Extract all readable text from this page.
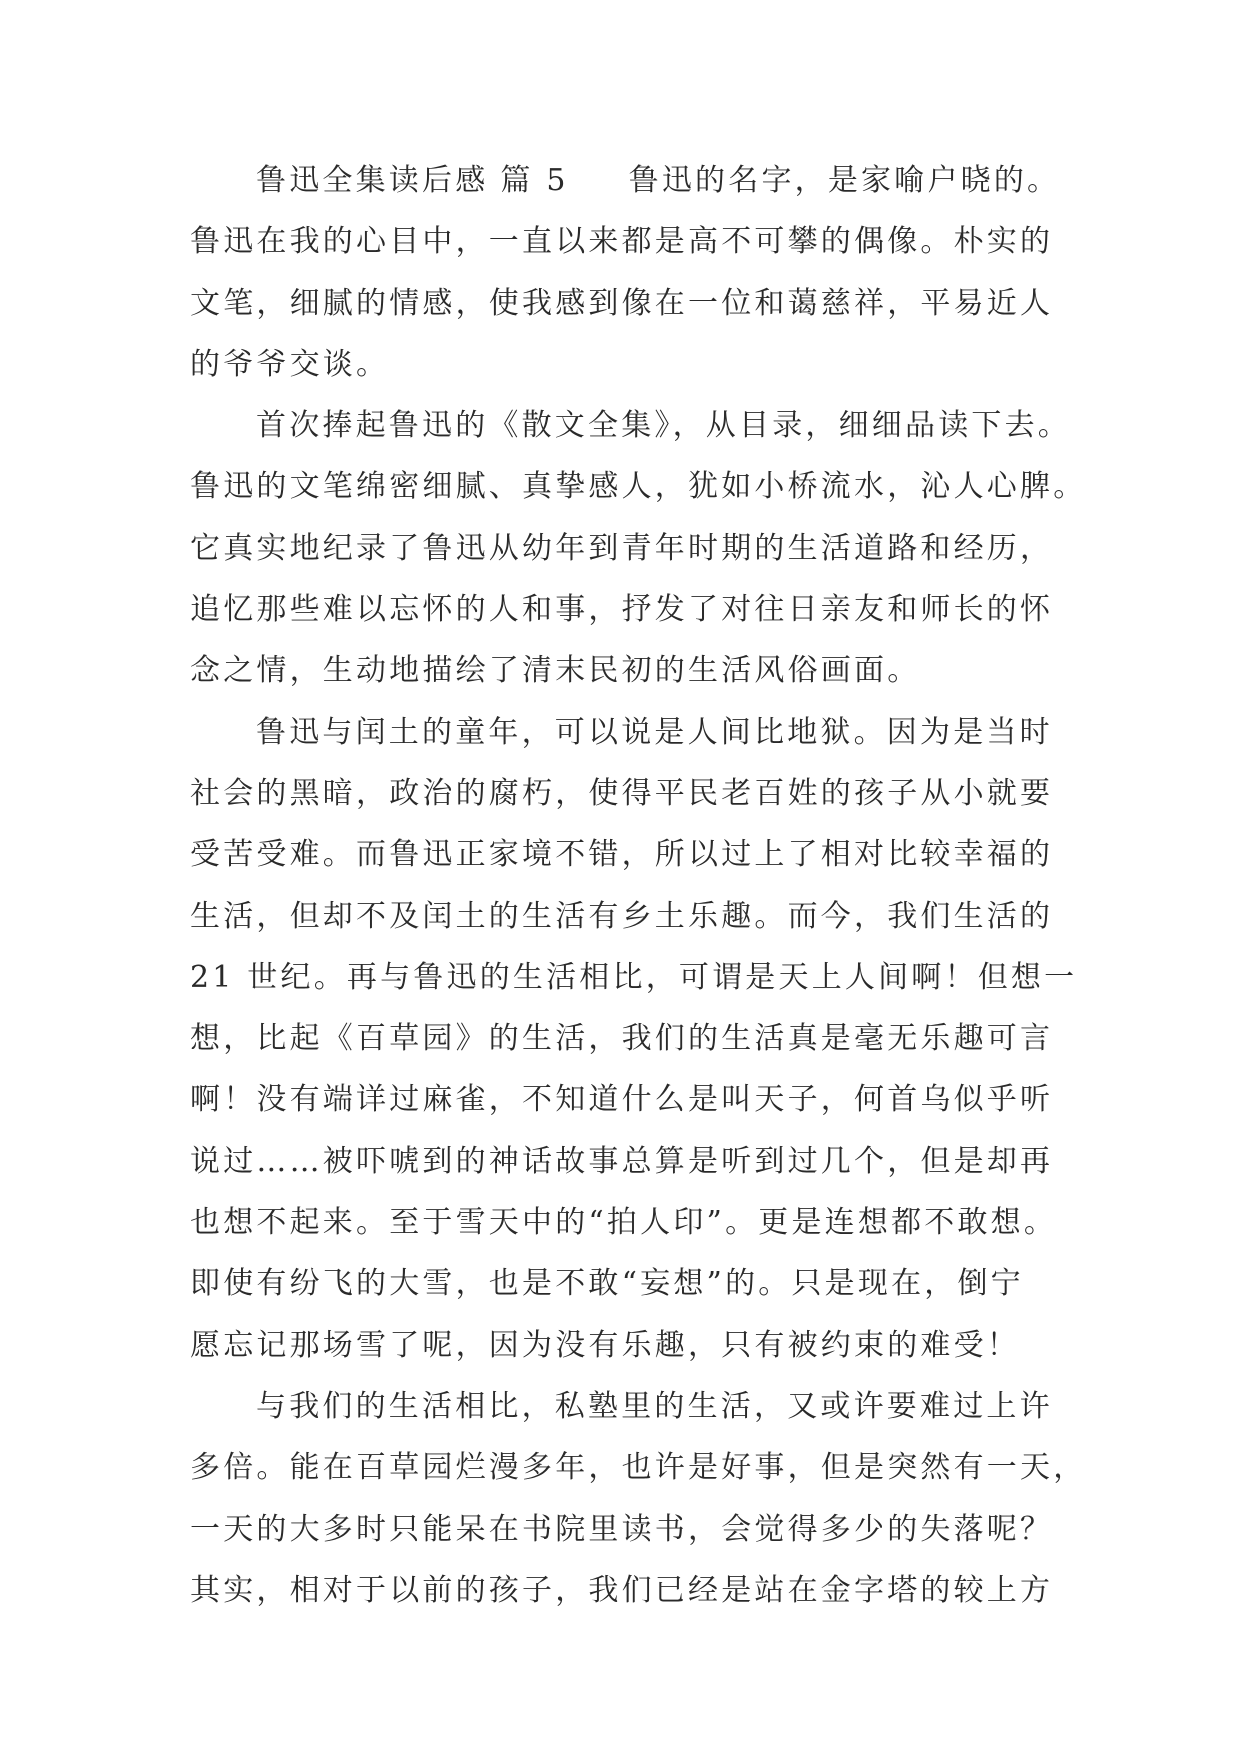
鲁迅全集读后感 篇 5 鲁迅的名字，是家喻户晓的。
鲁迅在我的心目中，一直以来都是高不可攀的偶像。朴实的
文笔，细腻的情感，使我感到像在一位和蔼慈祥，平易近人
的爷爷交谈。
首次捧起鲁迅的《散文全集》，从目录，细细品读下去。
鲁迅的文笔绵密细腻、真挚感人，犹如小桥流水，沁人心脾。
它真实地纪录了鲁迅从幼年到青年时期的生活道路和经历，
追忆那些难以忘怀的人和事，抒发了对往日亲友和师长的怀
念之情，生动地描绘了清末民初的生活风俗画面。
鲁迅与闰土的童年，可以说是人间比地狱。因为是当时
社会的黑暗，政治的腐朽，使得平民老百姓的孩子从小就要
受苦受难。而鲁迅正家境不错，所以过上了相对比较幸福的
生活，但却不及闰土的生活有乡土乐趣。而今，我们生活的
21 世纪。再与鲁迅的生活相比，可谓是天上人间啊！但想一
想，比起《百草园》的生活，我们的生活真是毫无乐趣可言
啊！没有端详过麻雀，不知道什么是叫天子，何首乌似乎听
说过……被吓唬到的神话故事总算是听到过几个，但是却再
也想不起来。至于雪天中的“拍人印”。更是连想都不敢想。
即使有纷飞的大雪，也是不敢“妄想”的。只是现在，倒宁
愿忘记那场雪了呢，因为没有乐趣，只有被约束的难受！
与我们的生活相比，私塾里的生活，又或许要难过上许
多倍。能在百草园烂漫多年，也许是好事，但是突然有一天，
一天的大多时只能呆在书院里读书，会觉得多少的失落呢？
其实，相对于以前的孩子，我们已经是站在金字塔的较上方
